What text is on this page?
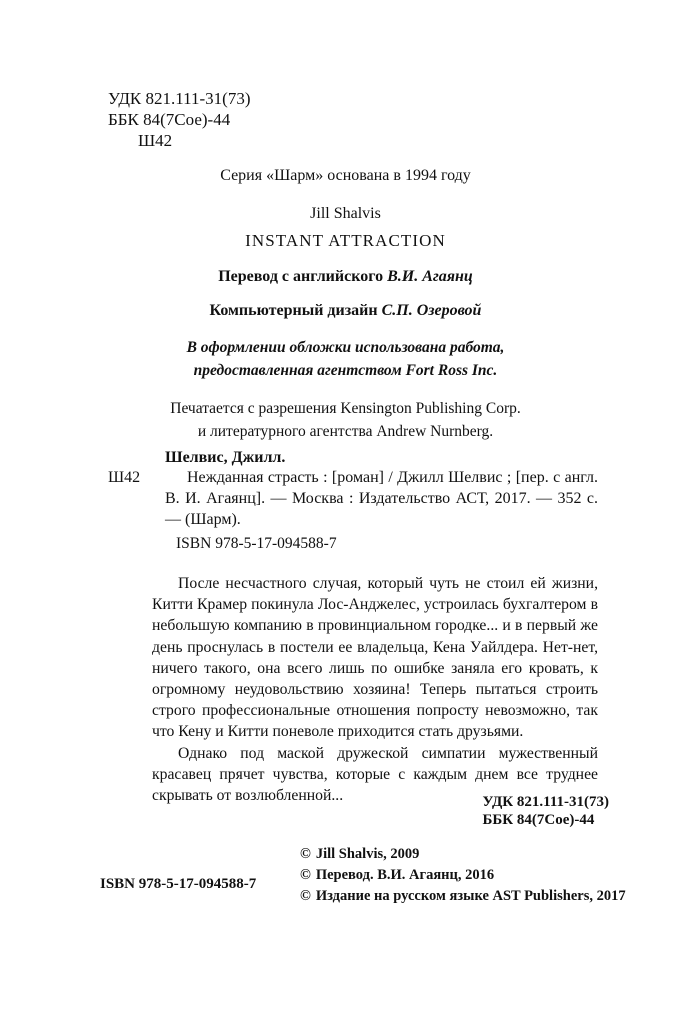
УДК 821.111-31(73)
ББК 84(7Сое)-44
Ш42
Серия «Шарм» основана в 1994 году
Jill Shalvis
INSTANT ATTRACTION
Перевод с английского В.И. Агаянц
Компьютерный дизайн С.П. Озеровой
В оформлении обложки использована работа,
предоставленная агентством Fort Ross Inc.
Печатается с разрешения Kensington Publishing Corp.
и литературного агентства Andrew Nurnberg.
Шелвис, Джилл.
Ш42	Нежданная страсть : [роман] / Джилл Шелвис ; [пер. с англ. В. И. Агаянц]. — Москва : Издательство АСТ, 2017. — 352 с. — (Шарм).
ISBN 978-5-17-094588-7

После несчастного случая, который чуть не стоил ей жизни, Китти Крамер покинула Лос-Анджелес, устроилась бухгалтером в небольшую компанию в провинциальном городке... и в первый же день проснулась в постели ее владельца, Кена Уайлдера. Нет-нет, ничего такого, она всего лишь по ошибке заняла его кровать, к огромному неудовольствию хозяина! Теперь пытаться строить строго профессиональные отношения попросту невозможно, так что Кену и Китти поневоле приходится стать друзьями.

Однако под маской дружеской симпатии мужественный красавец прячет чувства, которые с каждым днем все труднее скрывать от возлюбленной...	УДК 821.111-31(73)
ББК 84(7Сое)-44
© Jill Shalvis, 2009
© Перевод. В.И. Агаянц, 2016
© Издание на русском языке AST Publishers, 2017
ISBN 978-5-17-094588-7
